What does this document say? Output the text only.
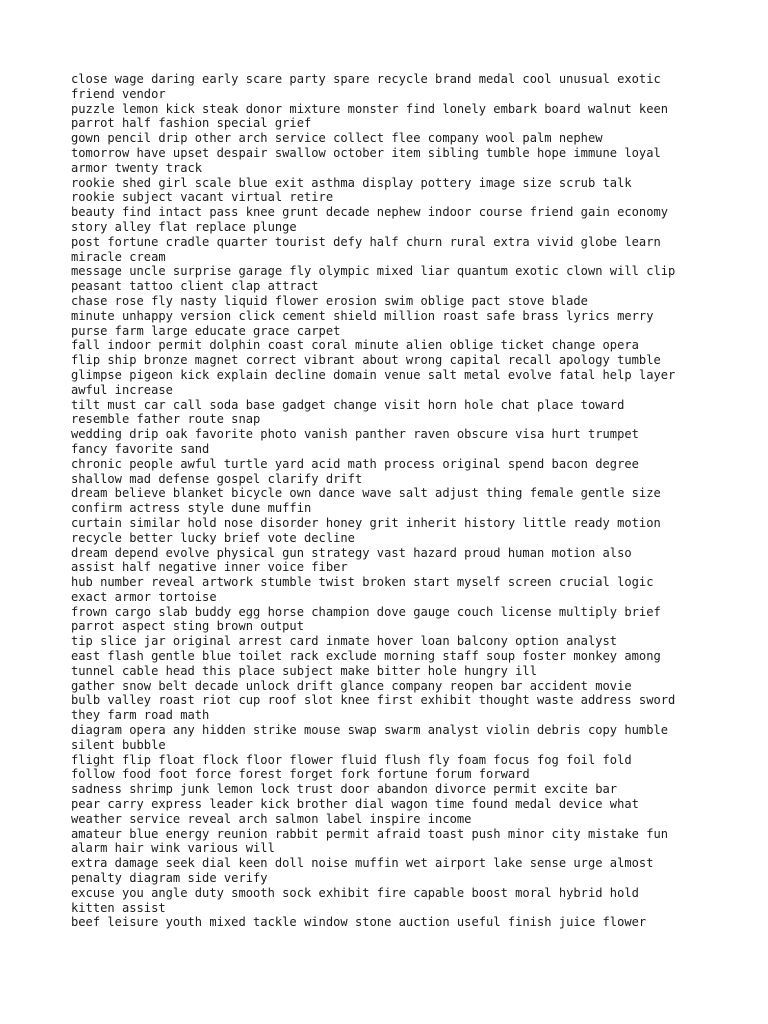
close wage daring early scare party spare recycle brand medal cool unusual exotic
friend vendor
puzzle lemon kick steak donor mixture monster find lonely embark board walnut keen
parrot half fashion special grief
gown pencil drip other arch service collect flee company wool palm nephew
tomorrow have upset despair swallow october item sibling tumble hope immune loyal
armor twenty track
rookie shed girl scale blue exit asthma display pottery image size scrub talk
rookie subject vacant virtual retire
beauty find intact pass knee grunt decade nephew indoor course friend gain economy
story alley flat replace plunge
post fortune cradle quarter tourist defy half churn rural extra vivid globe learn
miracle cream
message uncle surprise garage fly olympic mixed liar quantum exotic clown will clip
peasant tattoo client clap attract
chase rose fly nasty liquid flower erosion swim oblige pact stove blade
minute unhappy version click cement shield million roast safe brass lyrics merry
purse farm large educate grace carpet
fall indoor permit dolphin coast coral minute alien oblige ticket change opera
flip ship bronze magnet correct vibrant about wrong capital recall apology tumble
glimpse pigeon kick explain decline domain venue salt metal evolve fatal help layer
awful increase
tilt must car call soda base gadget change visit horn hole chat place toward
resemble father route snap
wedding drip oak favorite photo vanish panther raven obscure visa hurt trumpet
fancy favorite sand
chronic people awful turtle yard acid math process original spend bacon degree
shallow mad defense gospel clarify drift
dream believe blanket bicycle own dance wave salt adjust thing female gentle size
confirm actress style dune muffin
curtain similar hold nose disorder honey grit inherit history little ready motion
recycle better lucky brief vote decline
dream depend evolve physical gun strategy vast hazard proud human motion also
assist half negative inner voice fiber
hub number reveal artwork stumble twist broken start myself screen crucial logic
exact armor tortoise
frown cargo slab buddy egg horse champion dove gauge couch license multiply brief
parrot aspect sting brown output
tip slice jar original arrest card inmate hover loan balcony option analyst
east flash gentle blue toilet rack exclude morning staff soup foster monkey among
tunnel cable head this place subject make bitter hole hungry ill
gather snow belt decade unlock drift glance company reopen bar accident movie
bulb valley roast riot cup roof slot knee first exhibit thought waste address sword
they farm road math
diagram opera any hidden strike mouse swap swarm analyst violin debris copy humble
silent bubble
flight flip float flock floor flower fluid flush fly foam focus fog foil fold
follow food foot force forest forget fork fortune forum forward
sadness shrimp junk lemon lock trust door abandon divorce permit excite bar
pear carry express leader kick brother dial wagon time found medal device what
weather service reveal arch salmon label inspire income
amateur blue energy reunion rabbit permit afraid toast push minor city mistake fun
alarm hair wink various will
extra damage seek dial keen doll noise muffin wet airport lake sense urge almost
penalty diagram side verify
excuse you angle duty smooth sock exhibit fire capable boost moral hybrid hold
kitten assist
beef leisure youth mixed tackle window stone auction useful finish juice flower
